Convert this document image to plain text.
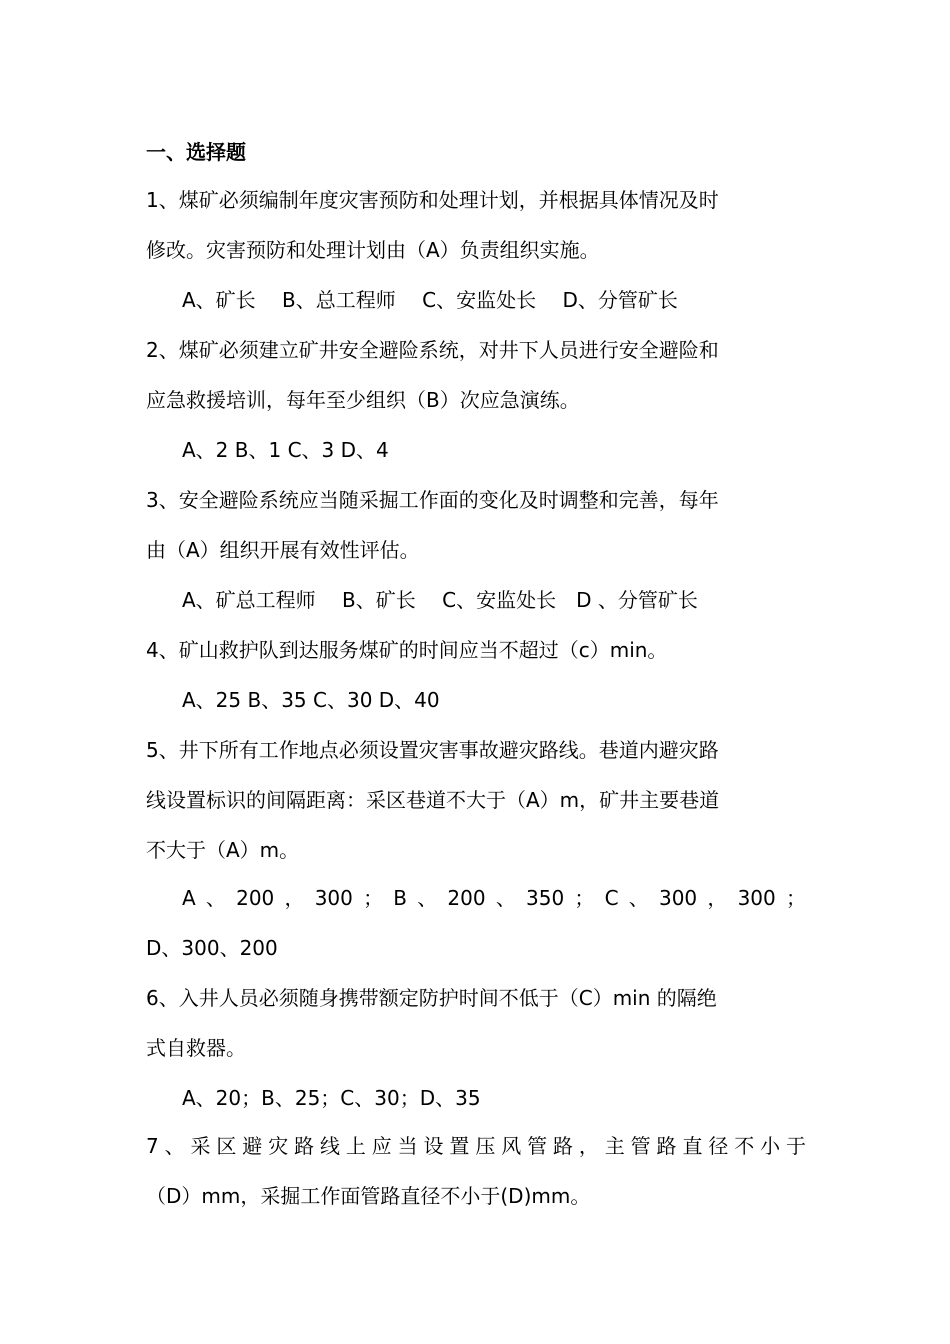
一、选择题
1、煤矿必须编制年度灾害预防和处理计划，并根据具体情况及时
修改。灾害预防和处理计划由（A）负责组织实施。
A、矿长　 B、总工程师　 C、安监处长　 D、分管矿长
2、煤矿必须建立矿井安全避险系统，对井下人员进行安全避险和
应急救援培训，每年至少组织（B）次应急演练。
A、2 B、1 C、3 D、4
3、安全避险系统应当随采掘工作面的变化及时调整和完善，每年
由（A）组织开展有效性评估。
A、矿总工程师　 B、矿长　 C、安监处长　D 、分管矿长
4、矿山救护队到达服务煤矿的时间应当不超过（c）min。
A、25 B、35 C、30 D、40
5、井下所有工作地点必须设置灾害事故避灾路线。巷道内避灾路
线设置标识的间隔距离：采区巷道不大于（A）m，矿井主要巷道
不大于（A）m。
A 、 200 ， 300 ； B 、 200 、 350 ； C 、 300 ， 300 ；
D、300、200
6、入井人员必须随身携带额定防护时间不低于（C）min 的隔绝
式自救器。
A、20；B、25；C、30；D、35
7 、 采 区 避 灾 路 线 上 应 当 设 置 压 风 管 路 ， 主 管 路 直 径 不 小 于
（D）mm，采掘工作面管路直径不小于(D)mm。
